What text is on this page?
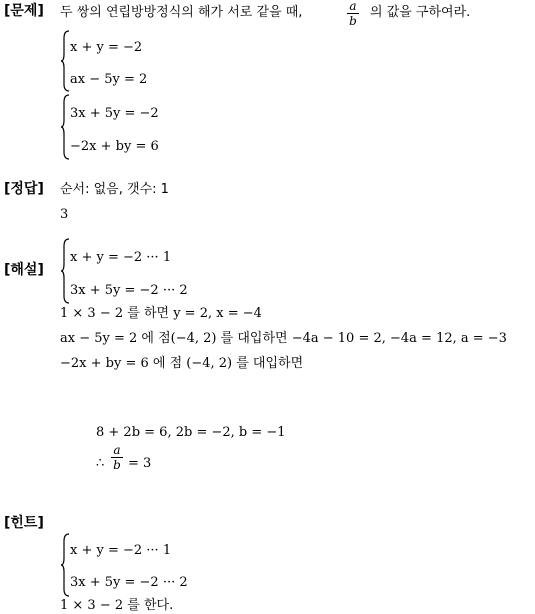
[문제] 두 쌍의 연립방방정식의 해가 서로 같을 때,	a
b
의 값을 구하여라.
x + y = −2
ax − 5y = 2
3x + 5y = −2
−2x + by = 6
[정답] 순서: 없음, 갯수: 1
3
[해설]
x + y = −2 ··· 1
3x + 5y = −2 ··· 2
1 × 3 − 2 를 하면 y = 2, x = −4
ax − 5y = 2 에 점(−4, 2) 를 대입하면 −4a − 10 = 2, −4a = 12, a = −3
−2x + by = 6 에 점 (−4, 2) 를 대입하면
8 + 2b = 6, 2b = −2, b = −1
∴
a
b = 3
[힌트]
x + y = −2 ··· 1
3x + 5y = −2 ··· 2
1 × 3 − 2 를 한다.
